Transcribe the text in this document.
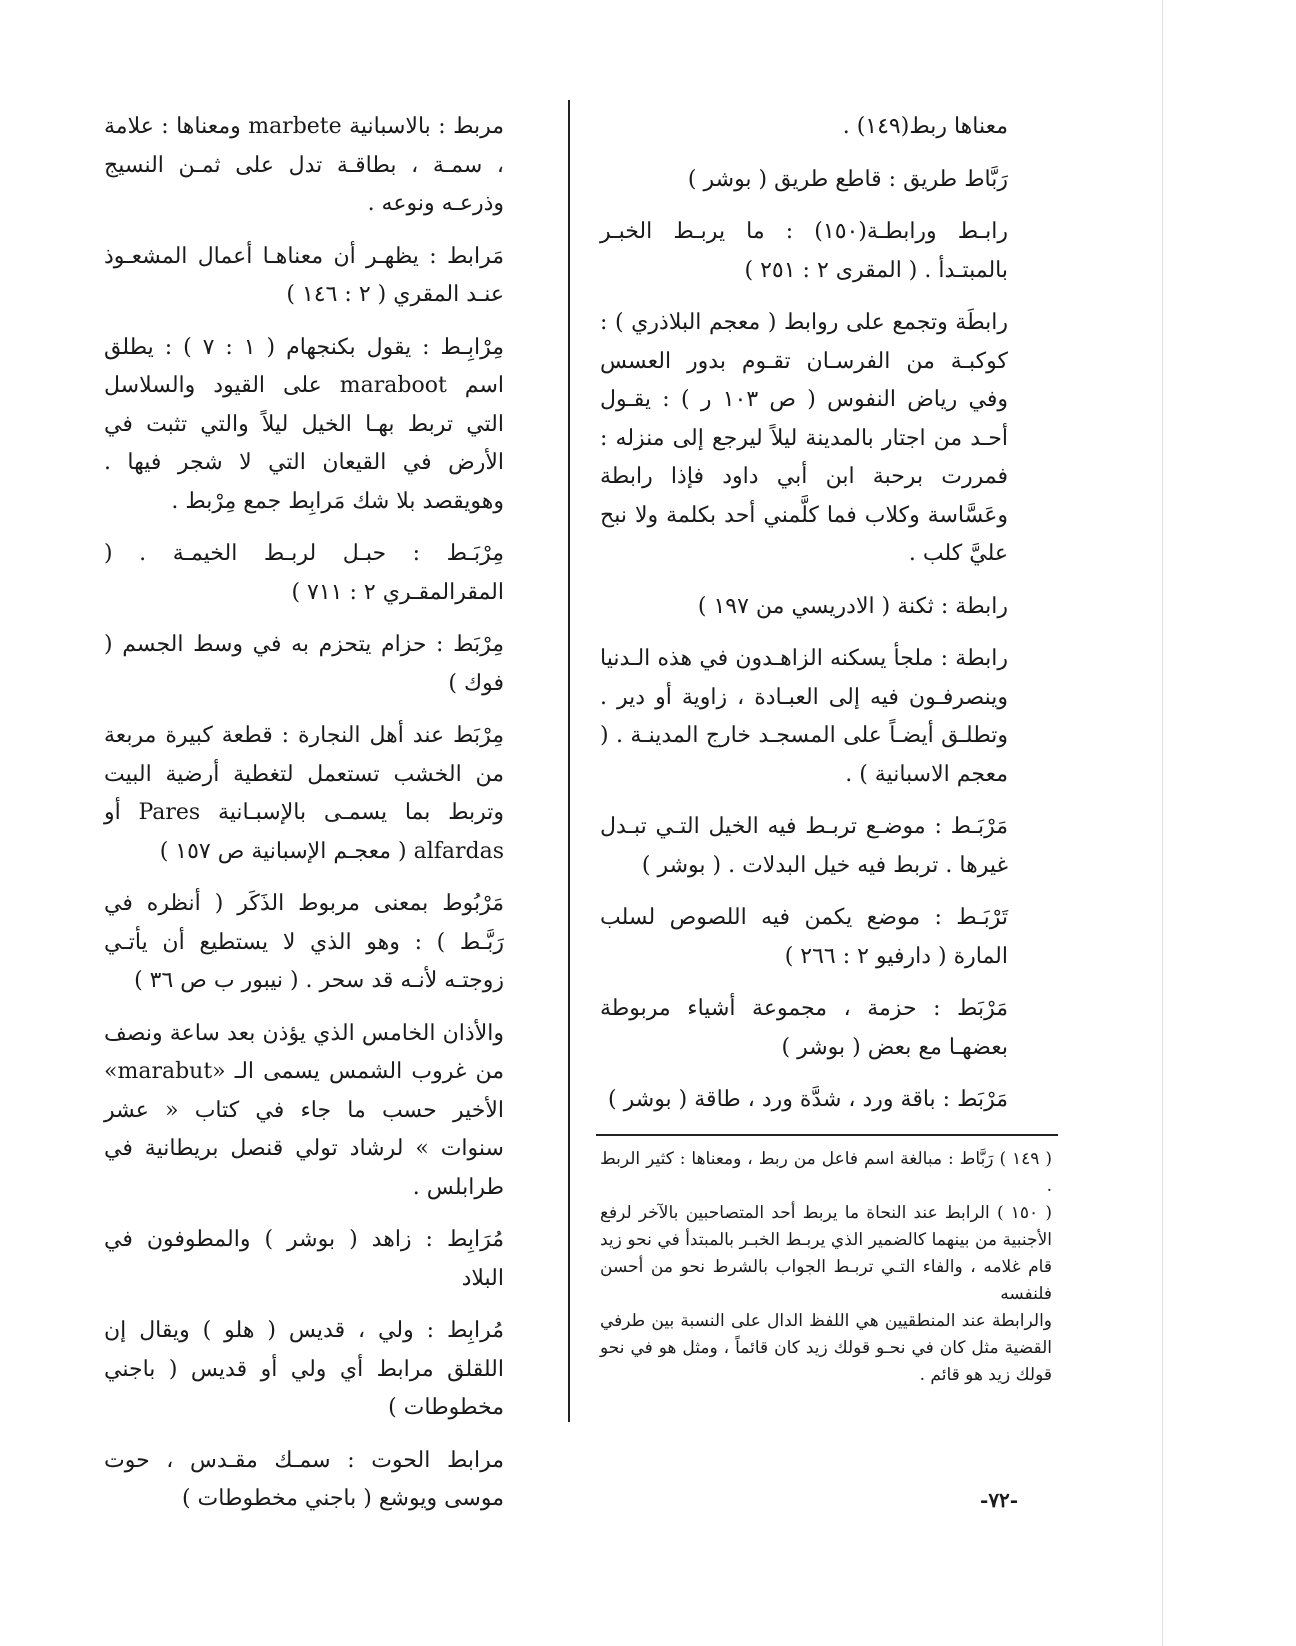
معناها ربط(١٤٩) .

رَبَّاط طريق : قاطع طريق ( بوشر )

رابـط ورابطـة(١٥٠) : ما يربـط الخبـر بالمبتـدأ . ( المقرى ٢ : ٢٥١ )

رابطَة وتجمع على روابط ( معجم البلاذري ) : كوكبـة من الفرسـان تقـوم بدور العسس وفي رياض النفوس ( ص ١٠٣ ر ) : يقـول أحـد من اجتار بالمدينة ليلاً ليرجع إلى منزله : فمررت برحبة ابن أبي داود فإذا رابطة وعَسَّاسة وكلاب فما كلَّمني أحد بكلمة ولا نبح عليَّ كلب .

رابطة : ثكنة ( الادريسي من ١٩٧ )

رابطة : ملجأ يسكنه الزاهـدون في هذه الـدنيا وينصرفـون فيه إلى العبـادة ، زاوية أو دير . وتطلـق أيضـاً على المسجـد خارج المدينـة . ( معجم الاسبانية ) .

مَرْبَـط : موضـع تربـط فيه الخيل التـي تبـدل غيرها . تربط فيه خيل البدلات . ( بوشر )

تَرْبَـط : موضع يكمن فيه اللصوص لسلب المارة ( دارفيو ٢ : ٢٦٦ )

مَرْبَط : حزمة ، مجموعة أشياء مربوطة بعضهـا مع بعض ( بوشر )

مَرْبَط : باقة ورد ، شدَّة ورد ، طاقة ( بوشر )

مربط : بالاسبانية marbete ومعناها : علامة ، سمـة ، بطاقـة تدل على ثمـن النسيج وذرعـه ونوعه .

مَرابط : يظهـر أن معناهـا أعمال المشعـوذ عنـد المقري ( ٢ : ١٤٦ )

مِرْابِـط : يقول بكنجهام ( ١ : ٧ ) : يطلق اسم maraboot على القيود والسلاسل التي تربط بهـا الخيل ليلاً والتي تثبت في الأرض في القيعان التي لا شجر فيها . وهويقصد بلا شك مَرابِط جمع مِرْبط .

مِرْبَـط : حبـل لربـط الخيمـة . ( المقرالمقـري ٢ : ٧١١ )

مِرْبَط : حزام يتحزم به في وسط الجسم ( فوك )

مِرْبَط عند أهل النجارة : قطعة كبيرة مربعة من الخشب تستعمل لتغطية أرضية البيت وتربط بما يسمـى بالإسبـانية Pares أو alfardas ( معجـم الإسبانية ص ١٥٧ )

مَرْبُوط بمعنى مربوط الذَكَر ( أنظره في رَبَّـط ) : وهو الذي لا يستطيع أن يأتـي زوجتـه لأنـه قد سحر . ( نيبور ب ص ٣٦ )

والأذان الخامس الذي يؤذن بعد ساعة ونصف من غروب الشمس يسمى الـ «marabut» الأخير حسب ما جاء في كتاب « عشر سنوات » لرشاد تولي قنصل بريطانية في طرابلس .

مُرَابِط : زاهد ( بوشر ) والمطوفون في البلاد

مُرابِط : ولي ، قديس ( هلو ) ويقال إن اللقلق مرابط أي ولي أو قديس ( باجني مخطوطات )

مرابط الحوت : سمـك مقـدس ، حوت موسى ويوشع ( باجني مخطوطات )

( ١٤٩ ) رَبَّاط : مبالغة اسم فاعل من ربط ، ومعناها : كثير الربط .

( ١٥٠ ) الرابط عند النحاة ما يربط أحد المتصاحبين بالآخر لرفع الأجنبية من بينهما كالضمير الذي يربـط الخبـر بالمبتدأ في نحو زيد قام غلامه ، والفاء التـي تربـط الجواب بالشرط نحو من أحسن فلنفسه

والرابطة عند المنطقيين هي اللفظ الدال على النسبة بين طرفي القضية مثل كان في نحـو قولك زيد كان قائماً ، ومثل هو في نحو قولك زيد هو قائم .

-٧٢-
